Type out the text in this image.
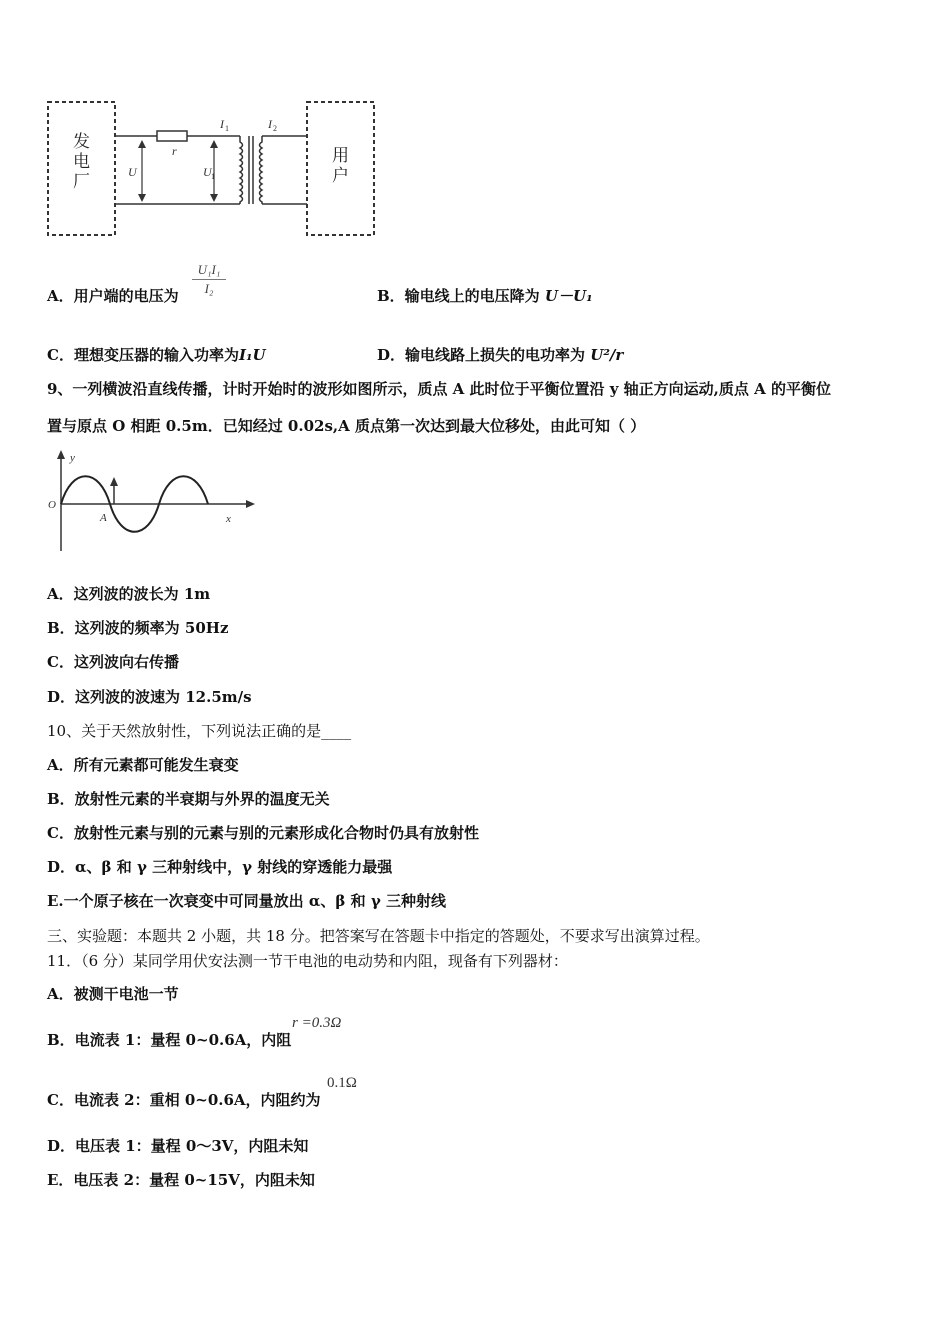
发
电
厂
用
户
r
U	U 1
I 1	I 2
U₁I₁
I₂
A．用户端的电压为	B．输电线上的电压降为 U－U₁
C．理想变压器的输入功率为I₁U	D．输电线路上损失的电功率为 U²/r
9、一列横波沿直线传播，计时开始时的波形如图所示，质点 A 此时位于平衡位置沿 y 轴正方向运动,质点 A 的平衡位
置与原点 O 相距 0.5m．已知经过 0.02s,A 质点第一次达到最大位移处，由此可知（ ）
y
x
O
A
A．这列波的波长为 1m
B．这列波的频率为 50Hz
C．这列波向右传播
D．这列波的波速为 12.5m/s
10、关于天然放射性，下列说法正确的是____
A．所有元素都可能发生衰变
B．放射性元素的半衰期与外界的温度无关
C．放射性元素与别的元素与别的元素形成化合物时仍具有放射性
D．α、β 和 γ 三种射线中，γ 射线的穿透能力最强
E.一个原子核在一次衰变中可同量放出 α、β 和 γ 三种射线
三、实验题：本题共 2 小题，共 18 分。把答案写在答题卡中指定的答题处，不要求写出演算过程。
11．（6 分）某同学用伏安法测一节干电池的电动势和内阻，现备有下列器材：
A．被测干电池一节
B．电流表 1：量程 0~0.6A，内阻
r =0.3Ω
C．电流表 2：重相 0~0.6A，内阻约为
0.1Ω
D．电压表 1：量程 0～3V，内阻未知
E．电压表 2：量程 0~15V，内阻未知
